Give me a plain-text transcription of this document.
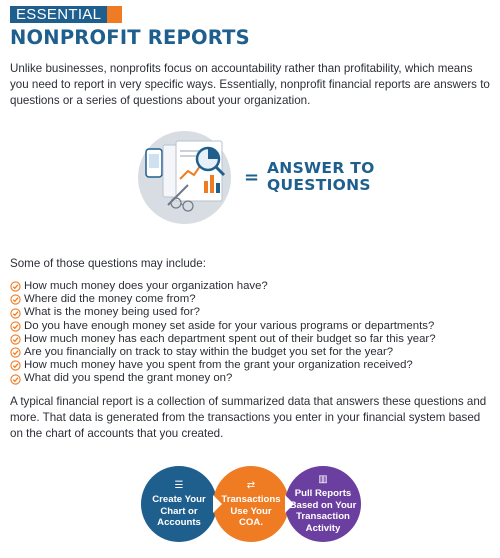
ESSENTIAL
NONPROFIT REPORTS

Unlike businesses, nonprofits focus on accountability rather than profitability, which means you need to report in very specific ways. Essentially, nonprofit financial reports are answers to questions or a series of questions about your organization.

= ANSWER TO
QUESTIONS

Some of those questions may include:

How much money does your organization have?
Where did the money come from?
What is the money being used for?
Do you have enough money set aside for your various programs or departments?
How much money has each department spent out of their budget so far this year?
Are you financially on track to stay within the budget you set for the year?
How much money have you spent from the grant your organization received?
What did you spend the grant money on?

A typical financial report is a collection of summarized data that answers these questions and more. That data is generated from the transactions you enter in your financial system based on the chart of accounts that you created.

☰
Create Your
Chart or
Accounts
⇄
Transactions
Use Your
COA.
▥
Pull Reports
Based on Your
Transaction
Activity
